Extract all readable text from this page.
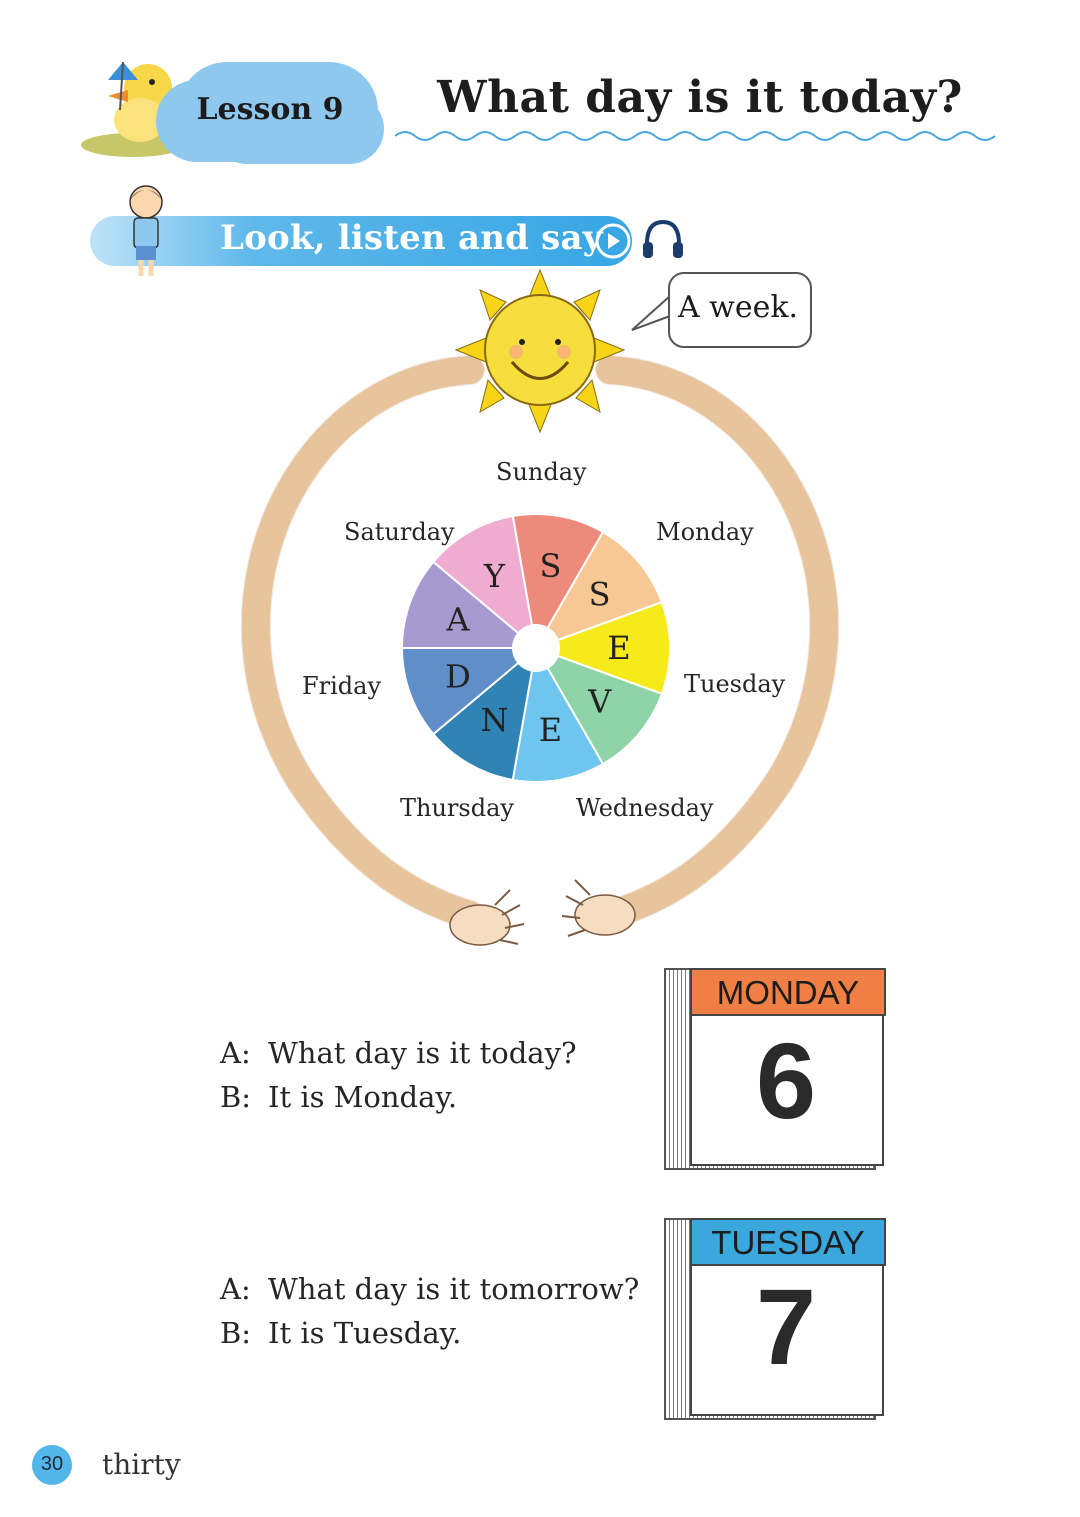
Lesson 9	What day is it today?
Look, listen and say
S
S
E
V
E
N
D
A
Y
Sunday
Monday
Tuesday
Wednesday
Thursday
Friday
Saturday
A week.
A: What day is it today?
B: It is Monday.
MONDAY
6
A: What day is it tomorrow?
B: It is Tuesday.
TUESDAY
7
30	thirty
